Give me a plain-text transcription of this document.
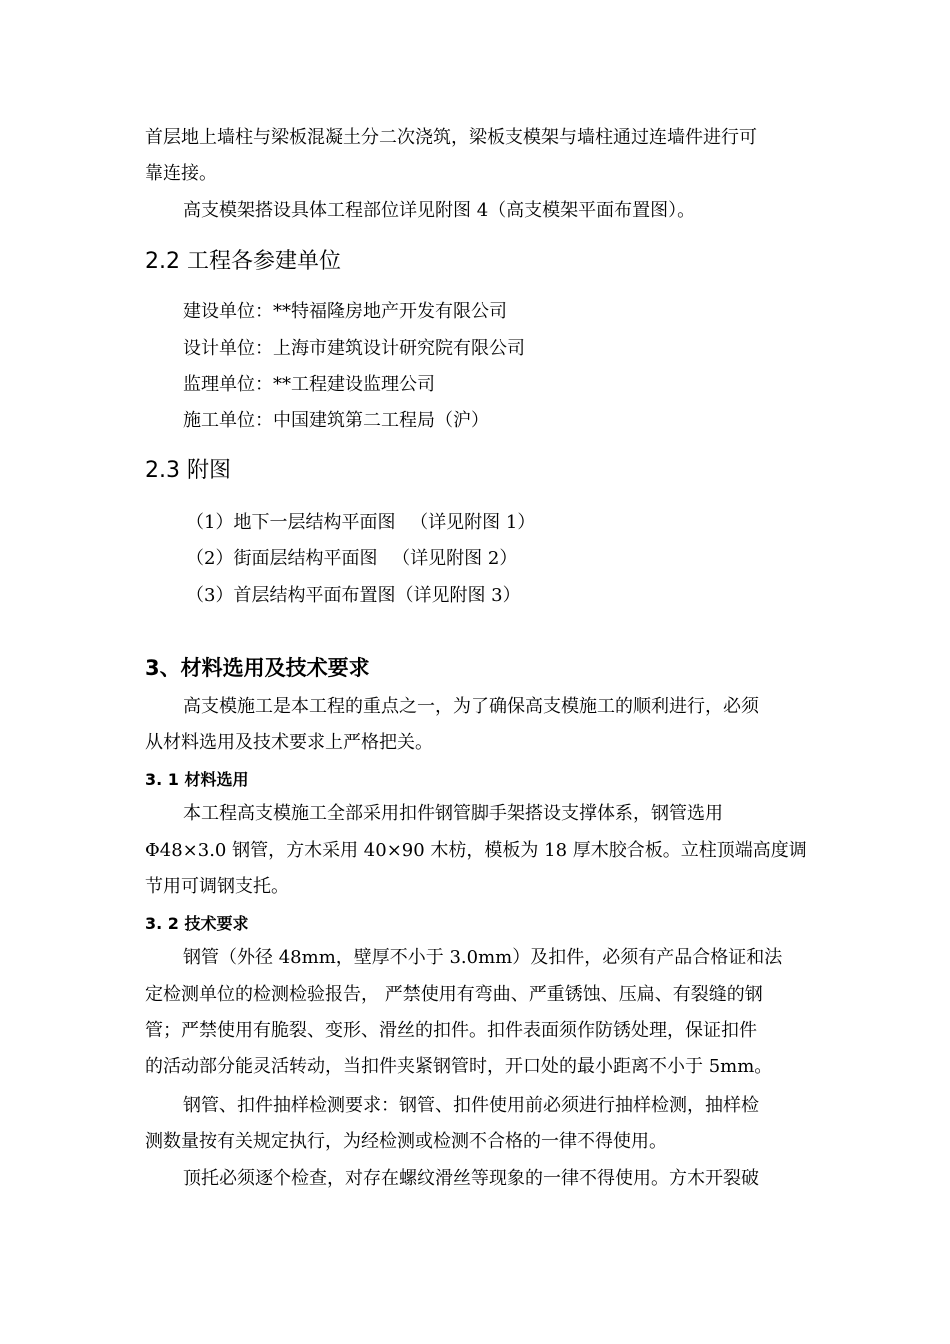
首层地上墙柱与梁板混凝土分二次浇筑，梁板支模架与墙柱通过连墙件进行可
靠连接。
高支模架搭设具体工程部位详见附图 4（高支模架平面布置图）。
2.2 工程各参建单位
建设单位：**特福隆房地产开发有限公司
设计单位：上海市建筑设计研究院有限公司
监理单位：**工程建设监理公司
施工单位：中国建筑第二工程局（沪）
2.3 附图
（1）地下一层结构平面图 　（详见附图 1）
（2）街面层结构平面图 　（详见附图 2）
（3）首层结构平面布置图（详见附图 3）
3、材料选用及技术要求
高支模施工是本工程的重点之一，为了确保高支模施工的顺利进行，必须
从材料选用及技术要求上严格把关。
3. 1 材料选用
本工程高支模施工全部采用扣件钢管脚手架搭设支撑体系，钢管选用
Φ48×3.0 钢管，方木采用 40×90 木枋，模板为 18 厚木胶合板。立柱顶端高度调
节用可调钢支托。
3. 2 技术要求
钢管（外径 48mm，壁厚不小于 3.0mm）及扣件，必须有产品合格证和法
定检测单位的检测检验报告， 严禁使用有弯曲、严重锈蚀、压扁、有裂缝的钢
管；严禁使用有脆裂、变形、滑丝的扣件。扣件表面须作防锈处理，保证扣件
的活动部分能灵活转动，当扣件夹紧钢管时，开口处的最小距离不小于 5mm。
钢管、扣件抽样检测要求：钢管、扣件使用前必须进行抽样检测，抽样检
测数量按有关规定执行，为经检测或检测不合格的一律不得使用。
顶托必须逐个检查，对存在螺纹滑丝等现象的一律不得使用。方木开裂破
